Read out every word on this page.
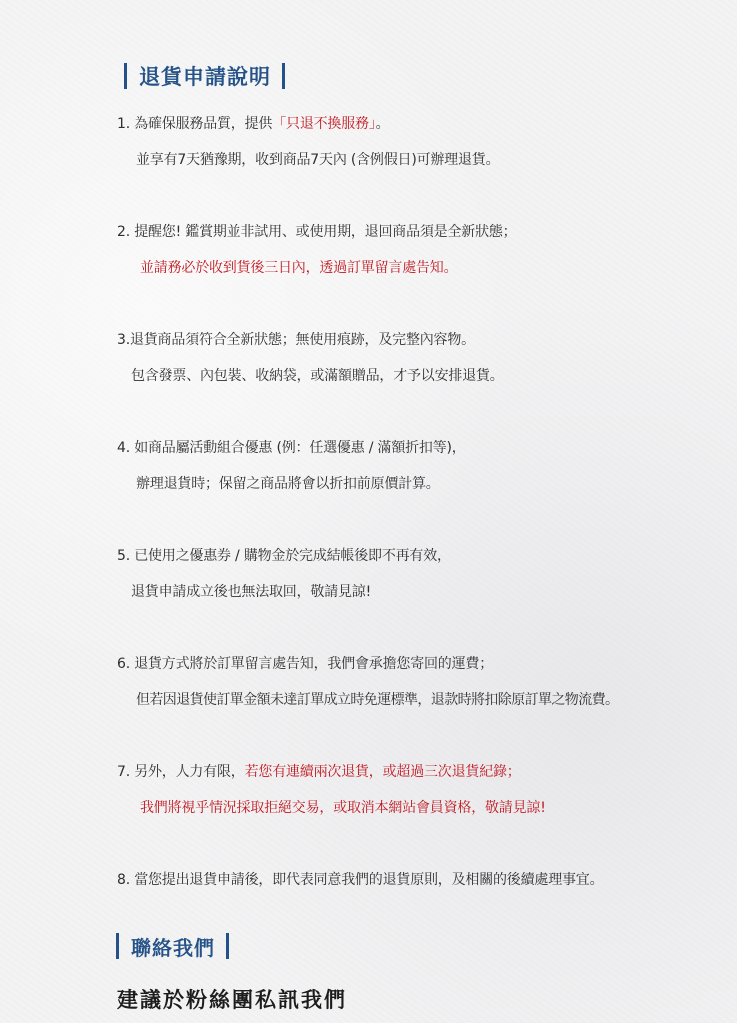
退貨申請說明
1. 為確保服務品質，提供「只退不換服務」。
並享有7天猶豫期，收到商品7天內 (含例假日)可辦理退貨。
2. 提醒您! 鑑賞期並非試用、或使用期，退回商品須是全新狀態；
並請務必於收到貨後三日內，透過訂單留言處告知。
3.退貨商品須符合全新狀態；無使用痕跡，及完整內容物。
包含發票、內包裝、收納袋，或滿額贈品，才予以安排退貨。
4. 如商品屬活動組合優惠 (例：任選優惠 / 滿額折扣等)，
辦理退貨時；保留之商品將會以折扣前原價計算。
5. 已使用之優惠券 / 購物金於完成結帳後即不再有效，
退貨申請成立後也無法取回，敬請見諒!
6. 退貨方式將於訂單留言處告知，我們會承擔您寄回的運費；
但若因退貨使訂單金額未達訂單成立時免運標準，退款時將扣除原訂單之物流費。
7. 另外，人力有限，若您有連續兩次退貨，或超過三次退貨紀錄；
我們將視乎情況採取拒絕交易，或取消本網站會員資格，敬請見諒!
8. 當您提出退貨申請後，即代表同意我們的退貨原則，及相關的後續處理事宜。
聯絡我們
建議於粉絲團私訊我們
